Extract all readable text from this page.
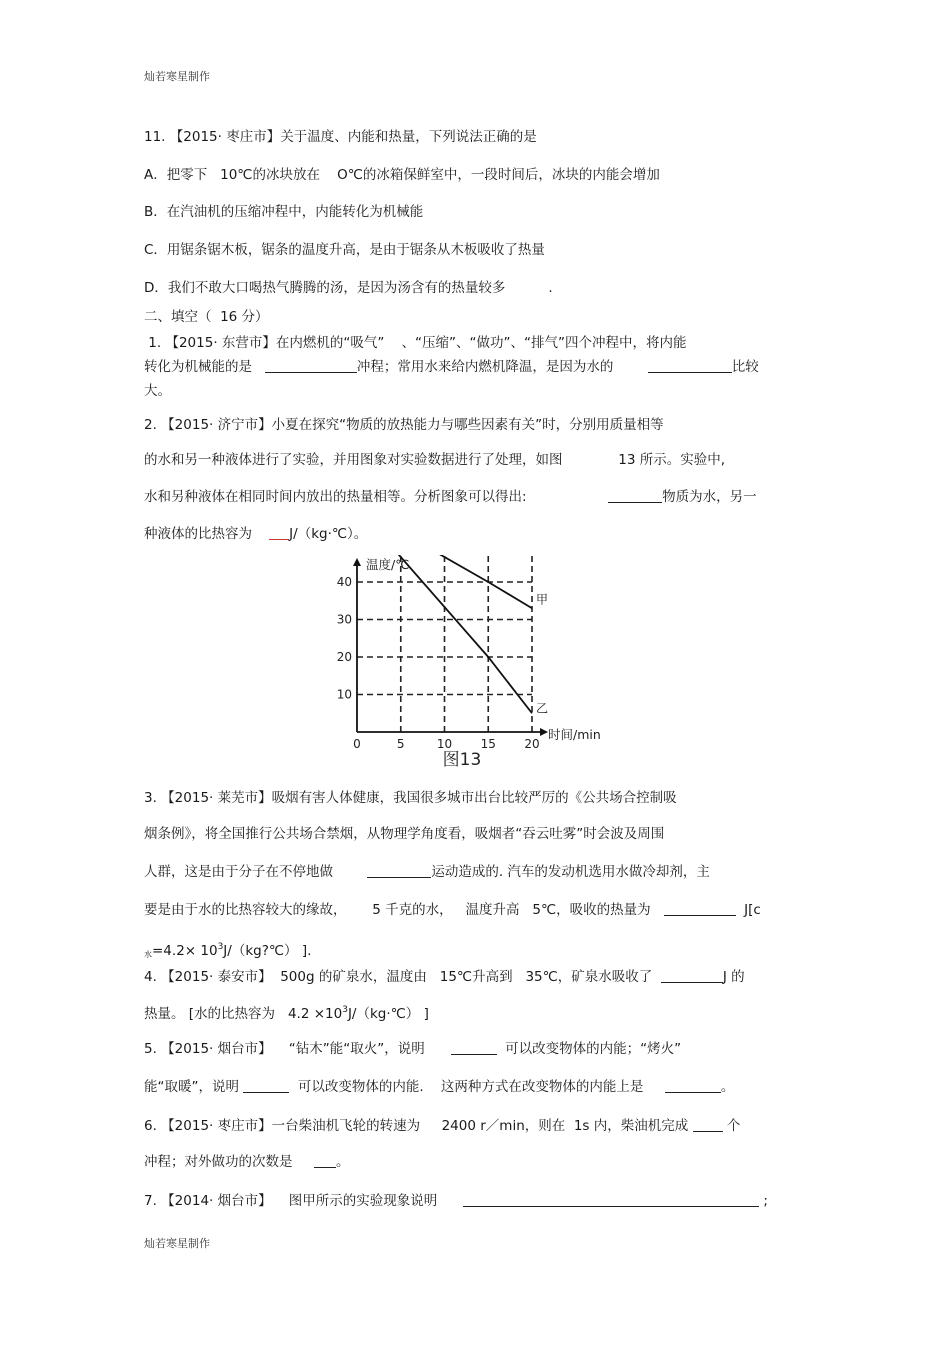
灿若寒星制作
11. 【2015· 枣庄市】关于温度、内能和热量，下列说法正确的是
A．把零下 10℃的冰块放在 O℃的冰箱保鲜室中，一段时间后，冰块的内能会增加
B．在汽油机的压缩冲程中，内能转化为机械能
C．用锯条锯木板，锯条的温度升高，是由于锯条从木板吸收了热量
D．我们不敢大口喝热气腾腾的汤，是因为汤含有的热量较多	.
二、填空（  16 分）
1. 【2015· 东营市】在内燃机的“吸气” 、“压缩”、“做功”、“排气”四个冲程中，将内能
转化为机械能的是	冲程；常用水来给内燃机降温，是因为水的	比较
大。
2. 【2015· 济宁市】小夏在探究“物质的放热能力与哪些因素有关”时，分别用质量相等
的水和另一种液体进行了实验，并用图象对实验数据进行了处理，如图	13 所示。实验中,
水和另种液体在相同时间内放出的热量相等。分析图象可以得出:	物质为水，另一
种液体的比热容为	J/（kg·℃）。
10
20
30
40
0	5	10 15 20
温度/℃
时间/min
图13
甲
乙
3. 【2015· 莱芜市】吸烟有害人体健康，我国很多城市出台比较严厉的《公共场合控制吸
烟条例》，将全国推行公共场合禁烟，从物理学角度看，吸烟者“吞云吐雾”时会波及周围
人群，这是由于分子在不停地做	运动造成的. 汽车的发动机选用水做冷却剂，主
要是由于水的比热容较大的缘故， 5 千克的水， 温度升高 5℃，吸收的热量为	J[c
$_水=4.2\times 10^3J/(kg?℃)$ ].
4. 【2015· 泰安市】 500g 的矿泉水，温度由 15℃升高到 35℃，矿泉水吸收了	J 的
热量。 [水的比热容为 $4.2 \times 10^3J/(kg\cdot℃)$ ]
5. 【2015· 烟台市】 “钻木”能“取火”，说明	可以改变物体的内能；“烤火”
能“取暖”，说明	可以改变物体的内能. 这两种方式在改变物体的内能上是	。
6. 【2015· 枣庄市】一台柴油机飞轮的转速为 2400 r／min，则在 1s 内，柴油机完成	个
冲程；对外做功的次数是	。
7. 【2014· 烟台市】 图甲所示的实验现象说明	;
灿若寒星制作
